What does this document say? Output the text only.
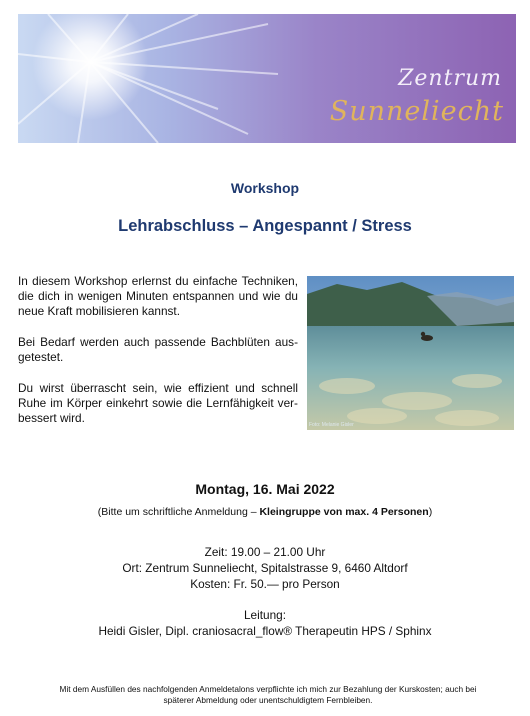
Zentrum
Sunneliecht
Workshop
Lehrabschluss – Angespannt / Stress

In diesem Workshop erlernst du einfache Techniken, die dich in wenigen Minuten entspannen und wie du neue Kraft mobilisieren kannst.

Bei Bedarf werden auch passende Bachblüten aus-getestet.

Du wirst überrascht sein, wie effizient und schnell Ruhe im Körper einkehrt sowie die Lernfähigkeit ver-bessert wird.	Foto: Melanie Gisler
Montag, 16. Mai 2022
(Bitte um schriftliche Anmeldung – Kleingruppe von max. 4 Personen)
Zeit: 19.00 – 21.00 Uhr
Ort: Zentrum Sunneliecht, Spitalstrasse 9, 6460 Altdorf
Kosten: Fr. 50.— pro Person
Leitung:
Heidi Gisler, Dipl. craniosacral_flow® Therapeutin HPS / Sphinx
Mit dem Ausfüllen des nachfolgenden Anmeldetalons verpflichte ich mich zur Bezahlung der Kurskosten; auch bei
späterer Abmeldung oder unentschuldigtem Fernbleiben.
